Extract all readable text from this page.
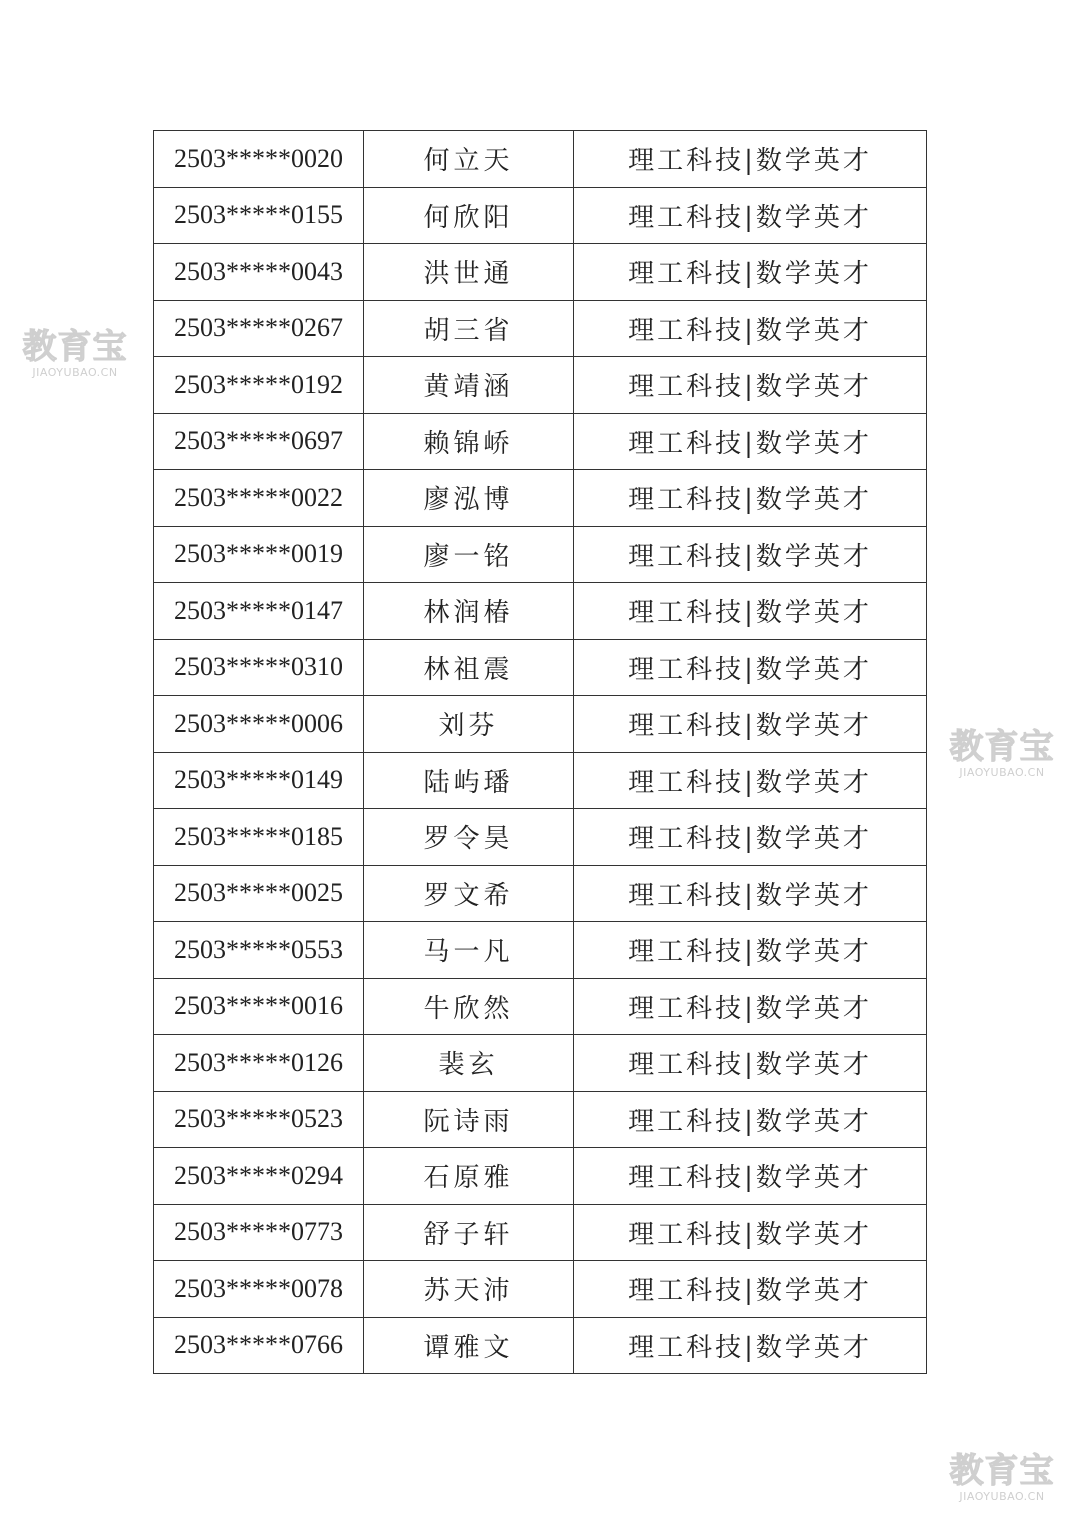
2503*****0020	何立天	理工科技|数学英才
2503*****0155	何欣阳	理工科技|数学英才
2503*****0043	洪世通	理工科技|数学英才
2503*****0267	胡三省	理工科技|数学英才
2503*****0192	黄靖涵	理工科技|数学英才
2503*****0697	赖锦峤	理工科技|数学英才
2503*****0022	廖泓博	理工科技|数学英才
2503*****0019	廖一铭	理工科技|数学英才
2503*****0147	林润椿	理工科技|数学英才
2503*****0310	林祖震	理工科技|数学英才
2503*****0006	刘芬	理工科技|数学英才
2503*****0149	陆屿璠	理工科技|数学英才
2503*****0185	罗令昊	理工科技|数学英才
2503*****0025	罗文希	理工科技|数学英才
2503*****0553	马一凡	理工科技|数学英才
2503*****0016	牛欣然	理工科技|数学英才
2503*****0126	裴玄	理工科技|数学英才
2503*****0523	阮诗雨	理工科技|数学英才
2503*****0294	石原雅	理工科技|数学英才
2503*****0773	舒子轩	理工科技|数学英才
2503*****0078	苏天沛	理工科技|数学英才
2503*****0766	谭雅文	理工科技|数学英才
教育宝
JIAOYUBAO.CN
教育宝
JIAOYUBAO.CN
教育宝
JIAOYUBAO.CN
